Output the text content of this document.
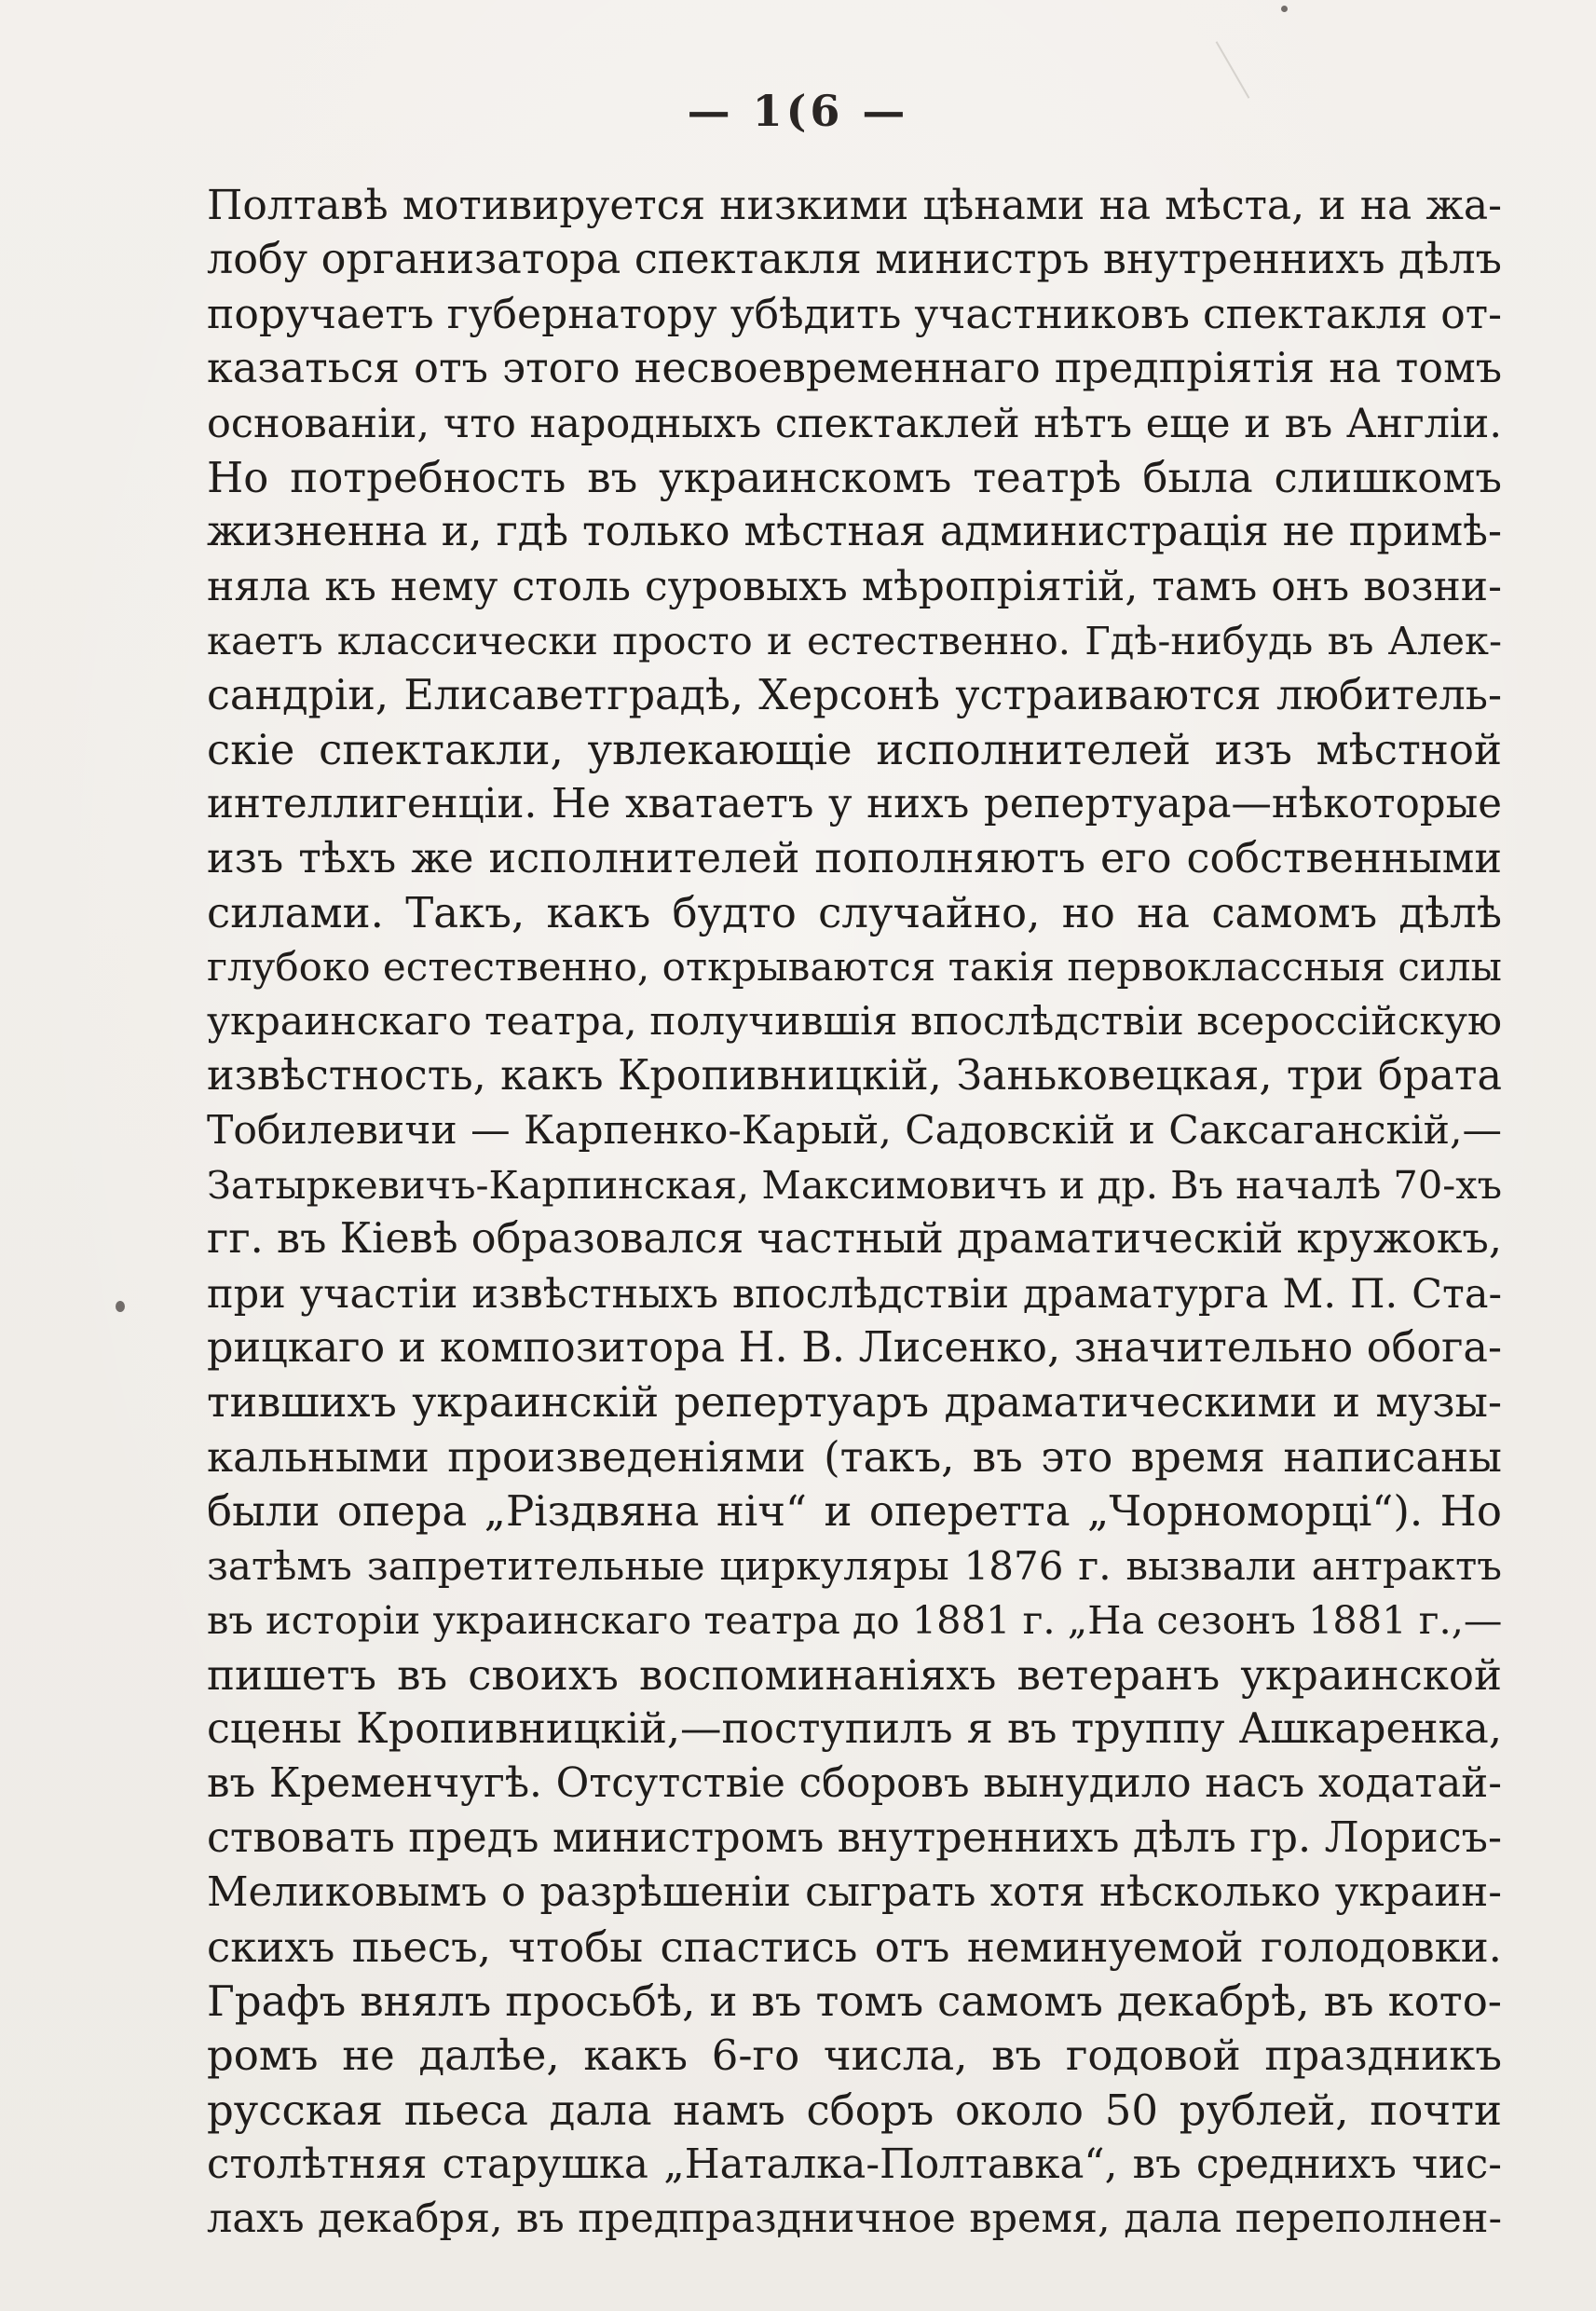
— 1(6 —
Полтавѣ мотивируется низкими цѣнами на мѣста, и на жа-
лобу организатора спектакля министръ внутреннихъ дѣлъ
поручаетъ губернатору убѣдить участниковъ спектакля от-
казаться отъ этого несвоевременнаго предпріятія на томъ
основаніи, что народныхъ спектаклей нѣтъ еще и въ Англіи.
Но потребность въ украинскомъ театрѣ была слишкомъ
жизненна и, гдѣ только мѣстная администрація не примѣ-
няла къ нему столь суровыхъ мѣропріятій, тамъ онъ возни-
каетъ классически просто и естественно. Гдѣ-нибудь въ Алек-
сандріи, Елисаветградѣ, Херсонѣ устраиваются любитель-
скіе спектакли, увлекающіе исполнителей изъ мѣстной
интеллигенціи. Не хватаетъ у нихъ репертуара—нѣкоторые
изъ тѣхъ же исполнителей пополняютъ его собственными
силами. Такъ, какъ будто случайно, но на самомъ дѣлѣ
глубоко естественно, открываются такія первоклассныя силы
украинскаго театра, получившія впослѣдствіи всероссійскую
извѣстность, какъ Кропивницкій, Заньковецкая, три брата
Тобилевичи — Карпенко-Карый, Садовскій и Саксаганскій,—
Затыркевичъ-Карпинская, Максимовичъ и др. Въ началѣ 70-хъ
гг. въ Кіевѣ образовался частный драматическій кружокъ,
при участіи извѣстныхъ впослѣдствіи драматурга М. П. Ста-
рицкаго и композитора Н. В. Лисенко, значительно обога-
тившихъ украинскій репертуаръ драматическими и музы-
кальными произведеніями (такъ, въ это время написаны
были опера „Різдвяна ніч“ и оперетта „Чорноморці“). Но
затѣмъ запретительные циркуляры 1876 г. вызвали антрактъ
въ исторіи украинскаго театра до 1881 г. „На сезонъ 1881 г.,—
пишетъ въ своихъ воспоминаніяхъ ветеранъ украинской
сцены Кропивницкій,—поступилъ я въ труппу Ашкаренка,
въ Кременчугѣ. Отсутствіе сборовъ вынудило насъ ходатай-
ствовать предъ министромъ внутреннихъ дѣлъ гр. Лорисъ-
Меликовымъ о разрѣшеніи сыграть хотя нѣсколько украин-
скихъ пьесъ, чтобы спастись отъ неминуемой голодовки.
Графъ внялъ просьбѣ, и въ томъ самомъ декабрѣ, въ кото-
ромъ не далѣе, какъ 6-го числа, въ годовой праздникъ
русская пьеса дала намъ сборъ около 50 рублей, почти
столѣтняя старушка „Наталка-Полтавка“, въ среднихъ чис-
лахъ декабря, въ предпраздничное время, дала переполнен-
